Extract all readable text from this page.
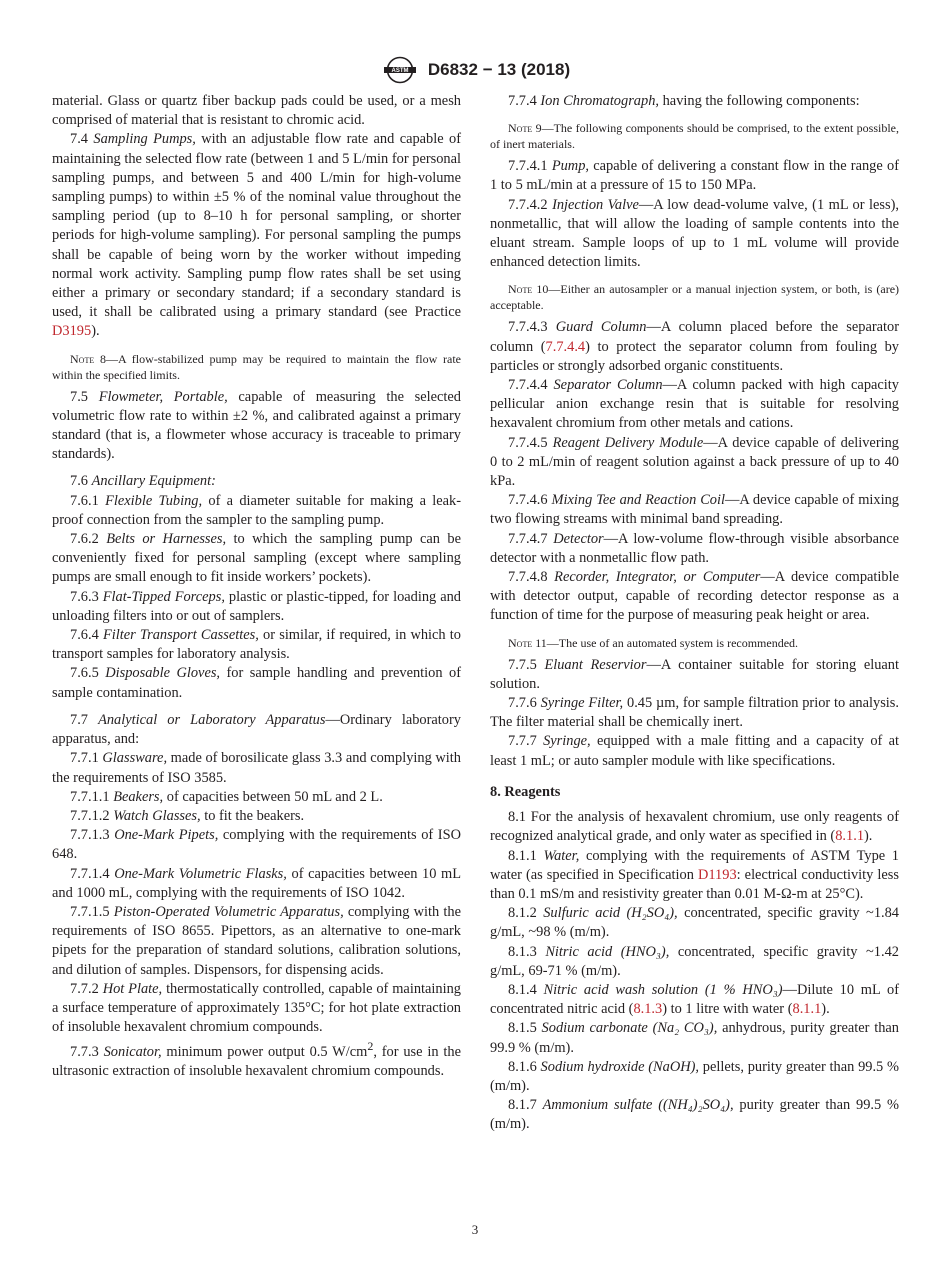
ASTM D6832 − 13 (2018)

material. Glass or quartz fiber backup pads could be used, or a mesh comprised of material that is resistant to chromic acid.

7.4 Sampling Pumps, with an adjustable flow rate and capable of maintaining the selected flow rate (between 1 and 5 L/min for personal sampling pumps, and between 5 and 400 L/min for high-volume sampling pumps) to within ±5 % of the nominal value throughout the sampling period (up to 8–10 h for personal sampling, or shorter periods for high-volume sampling). For personal sampling the pumps shall be capable of being worn by the worker without impeding normal work activity. Sampling pump flow rates shall be set using either a primary or secondary standard; if a secondary standard is used, it shall be calibrated using a primary standard (see Practice D3195).

Note 8—A flow-stabilized pump may be required to maintain the flow rate within the specified limits.

7.5 Flowmeter, Portable, capable of measuring the selected volumetric flow rate to within ±2 %, and calibrated against a primary standard (that is, a flowmeter whose accuracy is traceable to primary standards).

7.6 Ancillary Equipment:

7.6.1 Flexible Tubing, of a diameter suitable for making a leak-proof connection from the sampler to the sampling pump.

7.6.2 Belts or Harnesses, to which the sampling pump can be conveniently fixed for personal sampling (except where sampling pumps are small enough to fit inside workers’ pockets).

7.6.3 Flat-Tipped Forceps, plastic or plastic-tipped, for loading and unloading filters into or out of samplers.

7.6.4 Filter Transport Cassettes, or similar, if required, in which to transport samples for laboratory analysis.

7.6.5 Disposable Gloves, for sample handling and prevention of sample contamination.

7.7 Analytical or Laboratory Apparatus—Ordinary laboratory apparatus, and:

7.7.1 Glassware, made of borosilicate glass 3.3 and complying with the requirements of ISO 3585.

7.7.1.1 Beakers, of capacities between 50 mL and 2 L.

7.7.1.2 Watch Glasses, to fit the beakers.

7.7.1.3 One-Mark Pipets, complying with the requirements of ISO 648.

7.7.1.4 One-Mark Volumetric Flasks, of capacities between 10 mL and 1000 mL, complying with the requirements of ISO 1042.

7.7.1.5 Piston-Operated Volumetric Apparatus, complying with the requirements of ISO 8655. Pipettors, as an alternative to one-mark pipets for the preparation of standard solutions, calibration solutions, and dilution of samples. Dispensors, for dispensing acids.

7.7.2 Hot Plate, thermostatically controlled, capable of maintaining a surface temperature of approximately 135°C; for hot plate extraction of insoluble hexavalent chromium compounds.

7.7.3 Sonicator, minimum power output 0.5 $W/cm^2$, for use in the ultrasonic extraction of insoluble hexavalent chromium compounds.

7.7.4 Ion Chromatograph, having the following components:

Note 9—The following components should be comprised, to the extent possible, of inert materials.

7.7.4.1 Pump, capable of delivering a constant flow in the range of 1 to 5 mL/min at a pressure of 15 to 150 MPa.

7.7.4.2 Injection Valve—A low dead-volume valve, (1 mL or less), nonmetallic, that will allow the loading of sample contents into the eluant stream. Sample loops of up to 1 mL volume will provide enhanced detection limits.

Note 10—Either an autosampler or a manual injection system, or both, is (are) acceptable.

7.7.4.3 Guard Column—A column placed before the separator column (7.7.4.4) to protect the separator column from fouling by particles or strongly adsorbed organic constituents.

7.7.4.4 Separator Column—A column packed with high capacity pellicular anion exchange resin that is suitable for resolving hexavalent chromium from other metals and cations.

7.7.4.5 Reagent Delivery Module—A device capable of delivering 0 to 2 mL/min of reagent solution against a back pressure of up to 40 kPa.

7.7.4.6 Mixing Tee and Reaction Coil—A device capable of mixing two flowing streams with minimal band spreading.

7.7.4.7 Detector—A low-volume flow-through visible absorbance detector with a nonmetallic flow path.

7.7.4.8 Recorder, Integrator, or Computer—A device compatible with detector output, capable of recording detector response as a function of time for the purpose of measuring peak height or area.

Note 11—The use of an automated system is recommended.

7.7.5 Eluant Reservior—A container suitable for storing eluant solution.

7.7.6 Syringe Filter, 0.45 µm, for sample filtration prior to analysis. The filter material shall be chemically inert.

7.7.7 Syringe, equipped with a male fitting and a capacity of at least 1 mL; or auto sampler module with like specifications.

8. Reagents

8.1 For the analysis of hexavalent chromium, use only reagents of recognized analytical grade, and only water as specified in (8.1.1).

8.1.1 Water, complying with the requirements of ASTM Type 1 water (as specified in Specification D1193: electrical conductivity less than 0.1 mS/m and resistivity greater than 0.01 M-Ω-m at 25°C).

8.1.2 Sulfuric acid (H₂SO₄), concentrated, specific gravity ~1.84 g/mL, ~98 % (m/m).

8.1.3 Nitric acid (HNO₃), concentrated, specific gravity ~1.42 g/mL, 69-71 % (m/m).

8.1.4 Nitric acid wash solution (1 % HNO₃)—Dilute 10 mL of concentrated nitric acid (8.1.3) to 1 litre with water (8.1.1).

8.1.5 Sodium carbonate (Na₂ CO₃), anhydrous, purity greater than 99.9 % (m/m).

8.1.6 Sodium hydroxide (NaOH), pellets, purity greater than 99.5 % (m/m).

8.1.7 Ammonium sulfate ((NH₄)₂SO₄), purity greater than 99.5 % (m/m).

3
